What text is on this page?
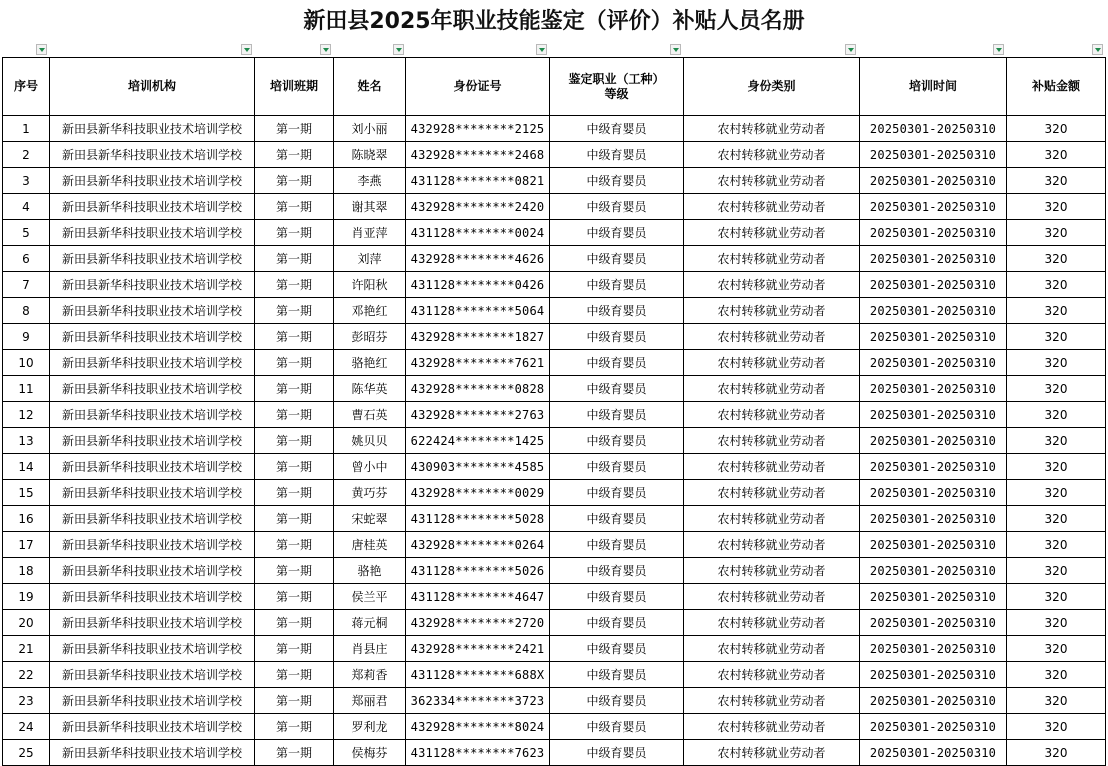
新田县2025年职业技能鉴定（评价）补贴人员名册
序号	培训机构	培训班期	姓名	身份证号	鉴定职业（工种）等级	身份类别	培训时间	补贴金额
1	新田县新华科技职业技术培训学校	第一期	刘小丽	432928********2125	中级育婴员	农村转移就业劳动者	20250301-20250310	320
2	新田县新华科技职业技术培训学校	第一期	陈晓翠	432928********2468	中级育婴员	农村转移就业劳动者	20250301-20250310	320
3	新田县新华科技职业技术培训学校	第一期	李燕	431128********0821	中级育婴员	农村转移就业劳动者	20250301-20250310	320
4	新田县新华科技职业技术培训学校	第一期	谢其翠	432928********2420	中级育婴员	农村转移就业劳动者	20250301-20250310	320
5	新田县新华科技职业技术培训学校	第一期	肖亚萍	431128********0024	中级育婴员	农村转移就业劳动者	20250301-20250310	320
6	新田县新华科技职业技术培训学校	第一期	刘萍	432928********4626	中级育婴员	农村转移就业劳动者	20250301-20250310	320
7	新田县新华科技职业技术培训学校	第一期	许阳秋	431128********0426	中级育婴员	农村转移就业劳动者	20250301-20250310	320
8	新田县新华科技职业技术培训学校	第一期	邓艳红	431128********5064	中级育婴员	农村转移就业劳动者	20250301-20250310	320
9	新田县新华科技职业技术培训学校	第一期	彭昭芬	432928********1827	中级育婴员	农村转移就业劳动者	20250301-20250310	320
10	新田县新华科技职业技术培训学校	第一期	骆艳红	432928********7621	中级育婴员	农村转移就业劳动者	20250301-20250310	320
11	新田县新华科技职业技术培训学校	第一期	陈华英	432928********0828	中级育婴员	农村转移就业劳动者	20250301-20250310	320
12	新田县新华科技职业技术培训学校	第一期	曹石英	432928********2763	中级育婴员	农村转移就业劳动者	20250301-20250310	320
13	新田县新华科技职业技术培训学校	第一期	姚贝贝	622424********1425	中级育婴员	农村转移就业劳动者	20250301-20250310	320
14	新田县新华科技职业技术培训学校	第一期	曾小中	430903********4585	中级育婴员	农村转移就业劳动者	20250301-20250310	320
15	新田县新华科技职业技术培训学校	第一期	黄巧芬	432928********0029	中级育婴员	农村转移就业劳动者	20250301-20250310	320
16	新田县新华科技职业技术培训学校	第一期	宋蛇翠	431128********5028	中级育婴员	农村转移就业劳动者	20250301-20250310	320
17	新田县新华科技职业技术培训学校	第一期	唐桂英	432928********0264	中级育婴员	农村转移就业劳动者	20250301-20250310	320
18	新田县新华科技职业技术培训学校	第一期	骆艳	431128********5026	中级育婴员	农村转移就业劳动者	20250301-20250310	320
19	新田县新华科技职业技术培训学校	第一期	侯兰平	431128********4647	中级育婴员	农村转移就业劳动者	20250301-20250310	320
20	新田县新华科技职业技术培训学校	第一期	蒋元桐	432928********2720	中级育婴员	农村转移就业劳动者	20250301-20250310	320
21	新田县新华科技职业技术培训学校	第一期	肖县庄	432928********2421	中级育婴员	农村转移就业劳动者	20250301-20250310	320
22	新田县新华科技职业技术培训学校	第一期	郑莉香	431128********688X	中级育婴员	农村转移就业劳动者	20250301-20250310	320
23	新田县新华科技职业技术培训学校	第一期	郑丽君	362334********3723	中级育婴员	农村转移就业劳动者	20250301-20250310	320
24	新田县新华科技职业技术培训学校	第一期	罗利龙	432928********8024	中级育婴员	农村转移就业劳动者	20250301-20250310	320
25	新田县新华科技职业技术培训学校	第一期	侯梅芬	431128********7623	中级育婴员	农村转移就业劳动者	20250301-20250310	320
